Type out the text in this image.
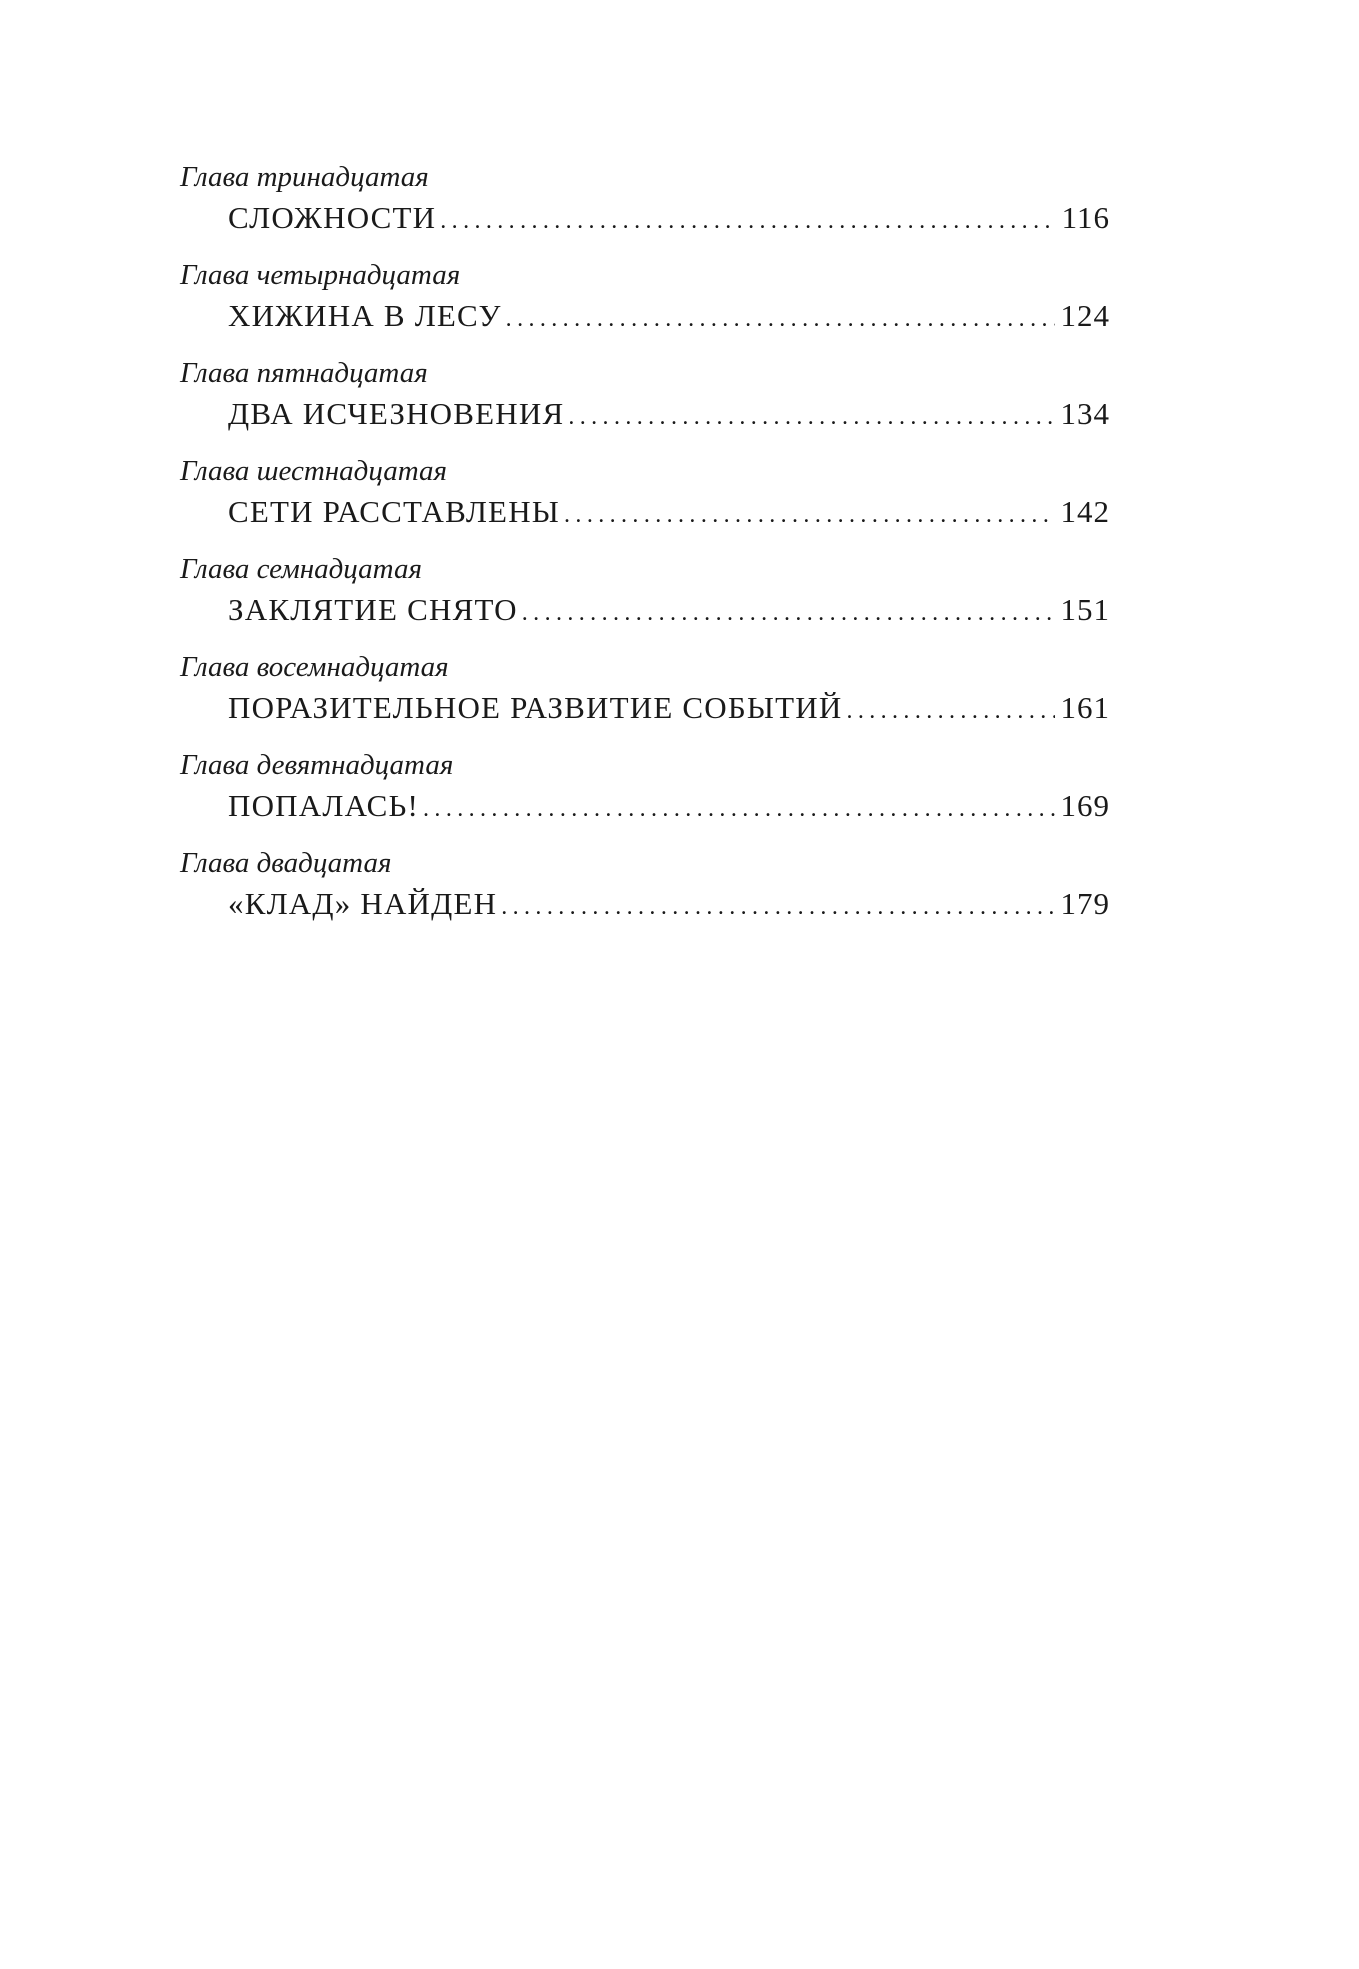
Глава тринадцатая
СЛОЖНОСТИ . . .	116
Глава четырнадцатая
ХИЖИНА В ЛЕСУ . . .	124
Глава пятнадцатая
ДВА ИСЧЕЗНОВЕНИЯ . . .	134
Глава шестнадцатая
СЕТИ РАССТАВЛЕНЫ . . .	142
Глава семнадцатая
ЗАКЛЯТИЕ СНЯТО . . .	151
Глава восемнадцатая
ПОРАЗИТЕЛЬНОЕ РАЗВИТИЕ СОБЫТИЙ . . .	161
Глава девятнадцатая
ПОПАЛАСЬ! . . .	169
Глава двадцатая
«КЛАД» НАЙДЕН . . .	179
